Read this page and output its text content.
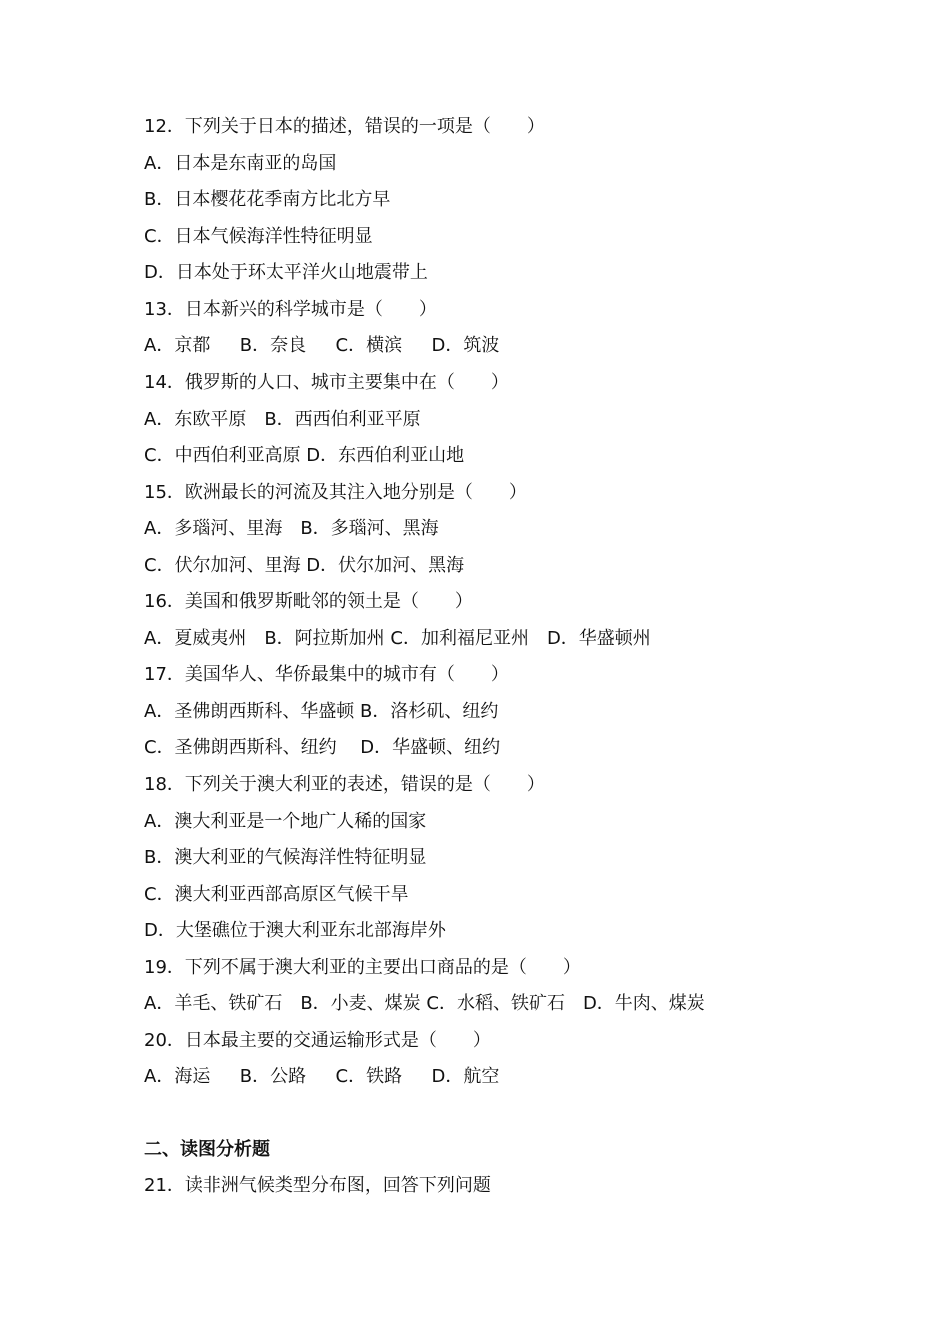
12．下列关于日本的描述，错误的一项是（　　）
A．日本是东南亚的岛国
B．日本樱花花季南方比北方早
C．日本气候海洋性特征明显
D．日本处于环太平洋火山地震带上
13．日本新兴的科学城市是（　　）
A．京都　  B．奈良　  C．横滨　  D．筑波
14．俄罗斯的人口、城市主要集中在（　　）
A．东欧平原　B．西西伯利亚平原
C．中西伯利亚高原 D．东西伯利亚山地
15．欧洲最长的河流及其注入地分别是（　　）
A．多瑙河、里海　B．多瑙河、黑海
C．伏尔加河、里海 D．伏尔加河、黑海
16．美国和俄罗斯毗邻的领土是（　　）
A．夏威夷州　B．阿拉斯加州 C．加利福尼亚州　D．华盛顿州
17．美国华人、华侨最集中的城市有（　　）
A．圣佛朗西斯科、华盛顿 B．洛杉矶、纽约
C．圣佛朗西斯科、纽约　 D．华盛顿、纽约
18．下列关于澳大利亚的表述，错误的是（　　）
A．澳大利亚是一个地广人稀的国家
B．澳大利亚的气候海洋性特征明显
C．澳大利亚西部高原区气候干旱
D．大堡礁位于澳大利亚东北部海岸外
19．下列不属于澳大利亚的主要出口商品的是（　　）
A．羊毛、铁矿石　B．小麦、煤炭 C．水稻、铁矿石　D．牛肉、煤炭
20．日本最主要的交通运输形式是（　　）
A．海运　  B．公路　  C．铁路　  D．航空
二、读图分析题
21．读非洲气候类型分布图，回答下列问题
